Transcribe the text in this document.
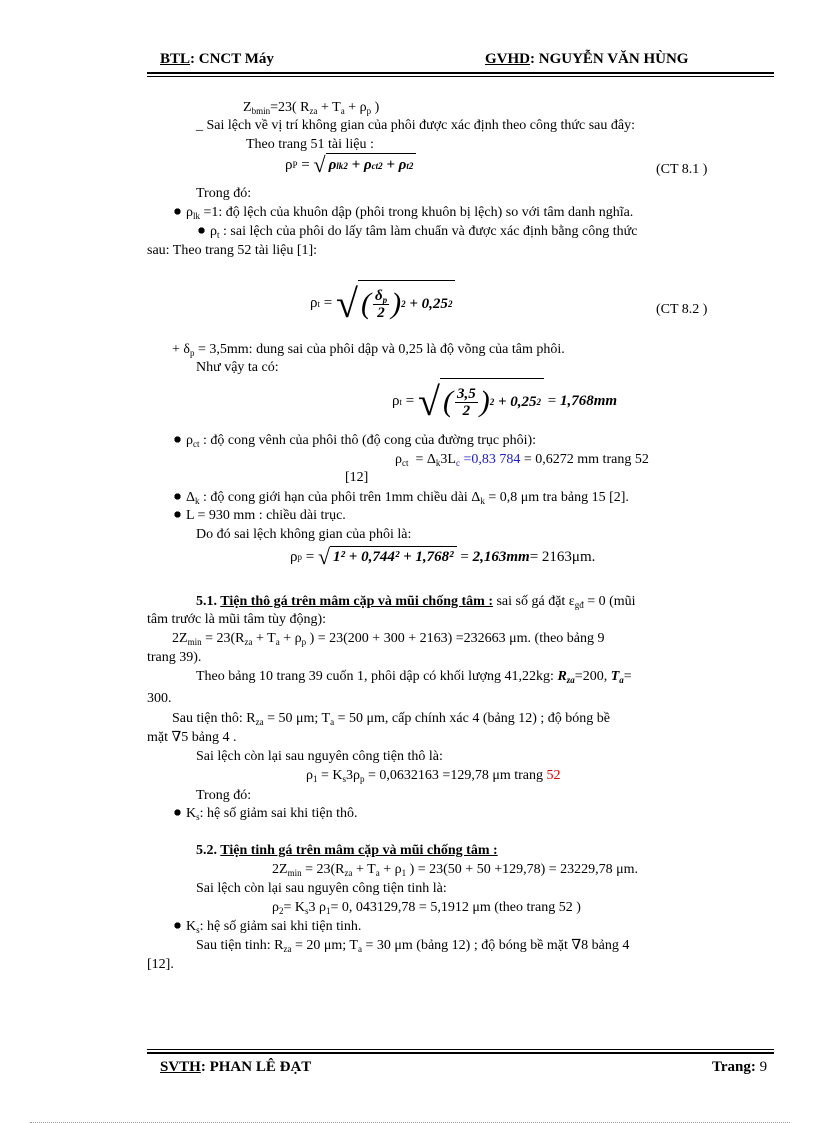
BTL: CNCT Máy	GVHD: NGUYỄN VĂN HÙNG
$Z_{bmin}=23$( $R_{za} + T_a + \rho_p$ )
_ Sai lệch về vị trí không gian của phôi được xác định theo công thức sau đây:
Theo trang 51 tài liệu :
ρ P = √ ρ lk 2 + ρ ct 2 + ρ t 2	(CT 8.1 )
Trong đó:
$\rho_{lk} =1$: độ lệch của khuôn dập (phôi trong khuôn bị lệch) so với tâm danh nghĩa.
$\rho_t$ : sai lệch của phôi do lấy tâm làm chuẩn và được xác định bằng công thức
sau: Theo trang 52 tài liệu [1]:
ρ t = √ ( $\frac{\delta_p}{2}$ ) 2 + 0,25 2	(CT 8.2 )
+ $\delta_p = 3,5mm$: dung sai của phôi dập và 0,25 là độ võng của tâm phôi.
Như vậy ta có:
ρ t = √ ( $\frac{3,5}{2}$ ) 2 + 0,25 2 = 1,768mm
$\rho_{ct}$ : độ cong vênh của phôi thô (độ cong của đường trục phôi):
$\rho_{ct} = \Delta_k3L_c =0,83$ 784 = 0,6272 mm trang 52
[12]
$\Delta_k$ : độ cong giới hạn của phôi trên 1mm chiều dài $\Delta_k = 0,8$ μm tra bảng 15 [2].
L = 930 mm : chiều dài trục.
Do đó sai lệch không gian của phôi là:
ρ p = √ 1² + 0,744² + 1,768² = 2,163mm = 2163μm.
5.1. Tiện thô gá trên mâm cặp và mũi chống tâm : sai số gá đặt $\varepsilon_{gđ} = 0$ (mũi
tâm trước là mũi tâm tùy động):
$2Z_{min} = 23(R_{za} + T_a + \rho_p$ ) = 23(200 + 300 + 2163) =232663 μm. (theo bảng 9
trang 39).
Theo bảng 10 trang 39 cuốn 1, phôi dập có khối lượng 41,22kg: $R_{za}=200$, $T_a=$
300.
Sau tiện thô: $R_{za} = 50$ μm; $T_a = 50$ μm, cấp chính xác 4 (bảng 12) ; độ bóng bề
mặt ∇5 bảng 4 .
Sai lệch còn lại sau nguyên công tiện thô là:
$\rho_1 = K_s3\rho_p = 0,0632163 =129,78$ μm trang 52
Trong đó:
$K_s$: hệ số giảm sai khi tiện thô.
5.2. Tiện tinh gá trên mâm cặp và mũi chống tâm :
$2Z_{min} = 23(R_{za} + T_a + \rho_1$ ) = 23(50 + 50 +129,78) = 23229,78 μm.
Sai lệch còn lại sau nguyên công tiện tinh là:
$\rho_2= K_s3$ $\rho_1= 0$, 043129,78 = 5,1912 μm (theo trang 52 )
$K_s$: hệ số giảm sai khi tiện tinh.
Sau tiện tinh: $R_{za} = 20$ μm; $T_a = 30$ μm (bảng 12) ; độ bóng bề mặt ∇8 bảng 4
[12].
SVTH: PHAN LÊ ĐẠT	Trang: 9
